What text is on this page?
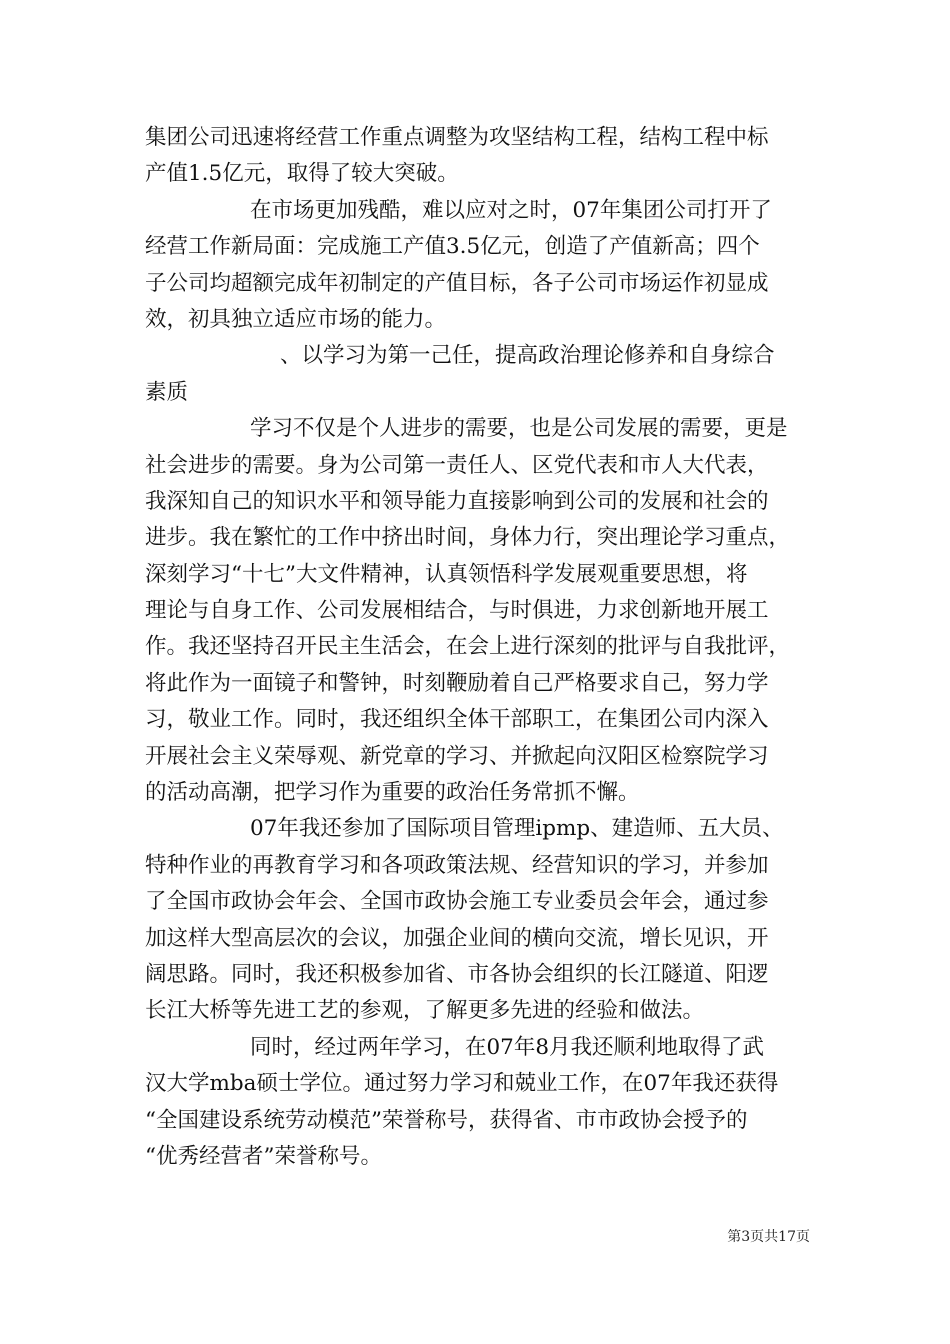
集团公司迅速将经营工作重点调整为攻坚结构工程，结构工程中标
产值1.5亿元，取得了较大突破。
在市场更加残酷，难以应对之时，07年集团公司打开了
经营工作新局面：完成施工产值3.5亿元，创造了产值新高；四个
子公司均超额完成年初制定的产值目标，各子公司市场运作初显成
效，初具独立适应市场的能力。
、以学习为第一己任，提高政治理论修养和自身综合
素质
学习不仅是个人进步的需要，也是公司发展的需要，更是
社会进步的需要。身为公司第一责任人、区党代表和市人大代表，
我深知自己的知识水平和领导能力直接影响到公司的发展和社会的
进步。我在繁忙的工作中挤出时间，身体力行，突出理论学习重点，
深刻学习“十七”大文件精神，认真领悟科学发展观重要思想，将
理论与自身工作、公司发展相结合，与时俱进，力求创新地开展工
作。我还坚持召开民主生活会，在会上进行深刻的批评与自我批评，
将此作为一面镜子和警钟，时刻鞭励着自己严格要求自己，努力学
习，敬业工作。同时，我还组织全体干部职工，在集团公司内深入
开展社会主义荣辱观、新党章的学习、并掀起向汉阳区检察院学习
的活动高潮，把学习作为重要的政治任务常抓不懈。
07年我还参加了国际项目管理ipmp、建造师、五大员、
特种作业的再教育学习和各项政策法规、经营知识的学习，并参加
了全国市政协会年会、全国市政协会施工专业委员会年会，通过参
加这样大型高层次的会议，加强企业间的横向交流，增长见识，开
阔思路。同时，我还积极参加省、市各协会组织的长江隧道、阳逻
长江大桥等先进工艺的参观，了解更多先进的经验和做法。
同时，经过两年学习，在07年8月我还顺利地取得了武
汉大学mba硕士学位。通过努力学习和兢业工作，在07年我还获得
“全国建设系统劳动模范”荣誉称号，获得省、市市政协会授予的
“优秀经营者”荣誉称号。
第3页共17页
